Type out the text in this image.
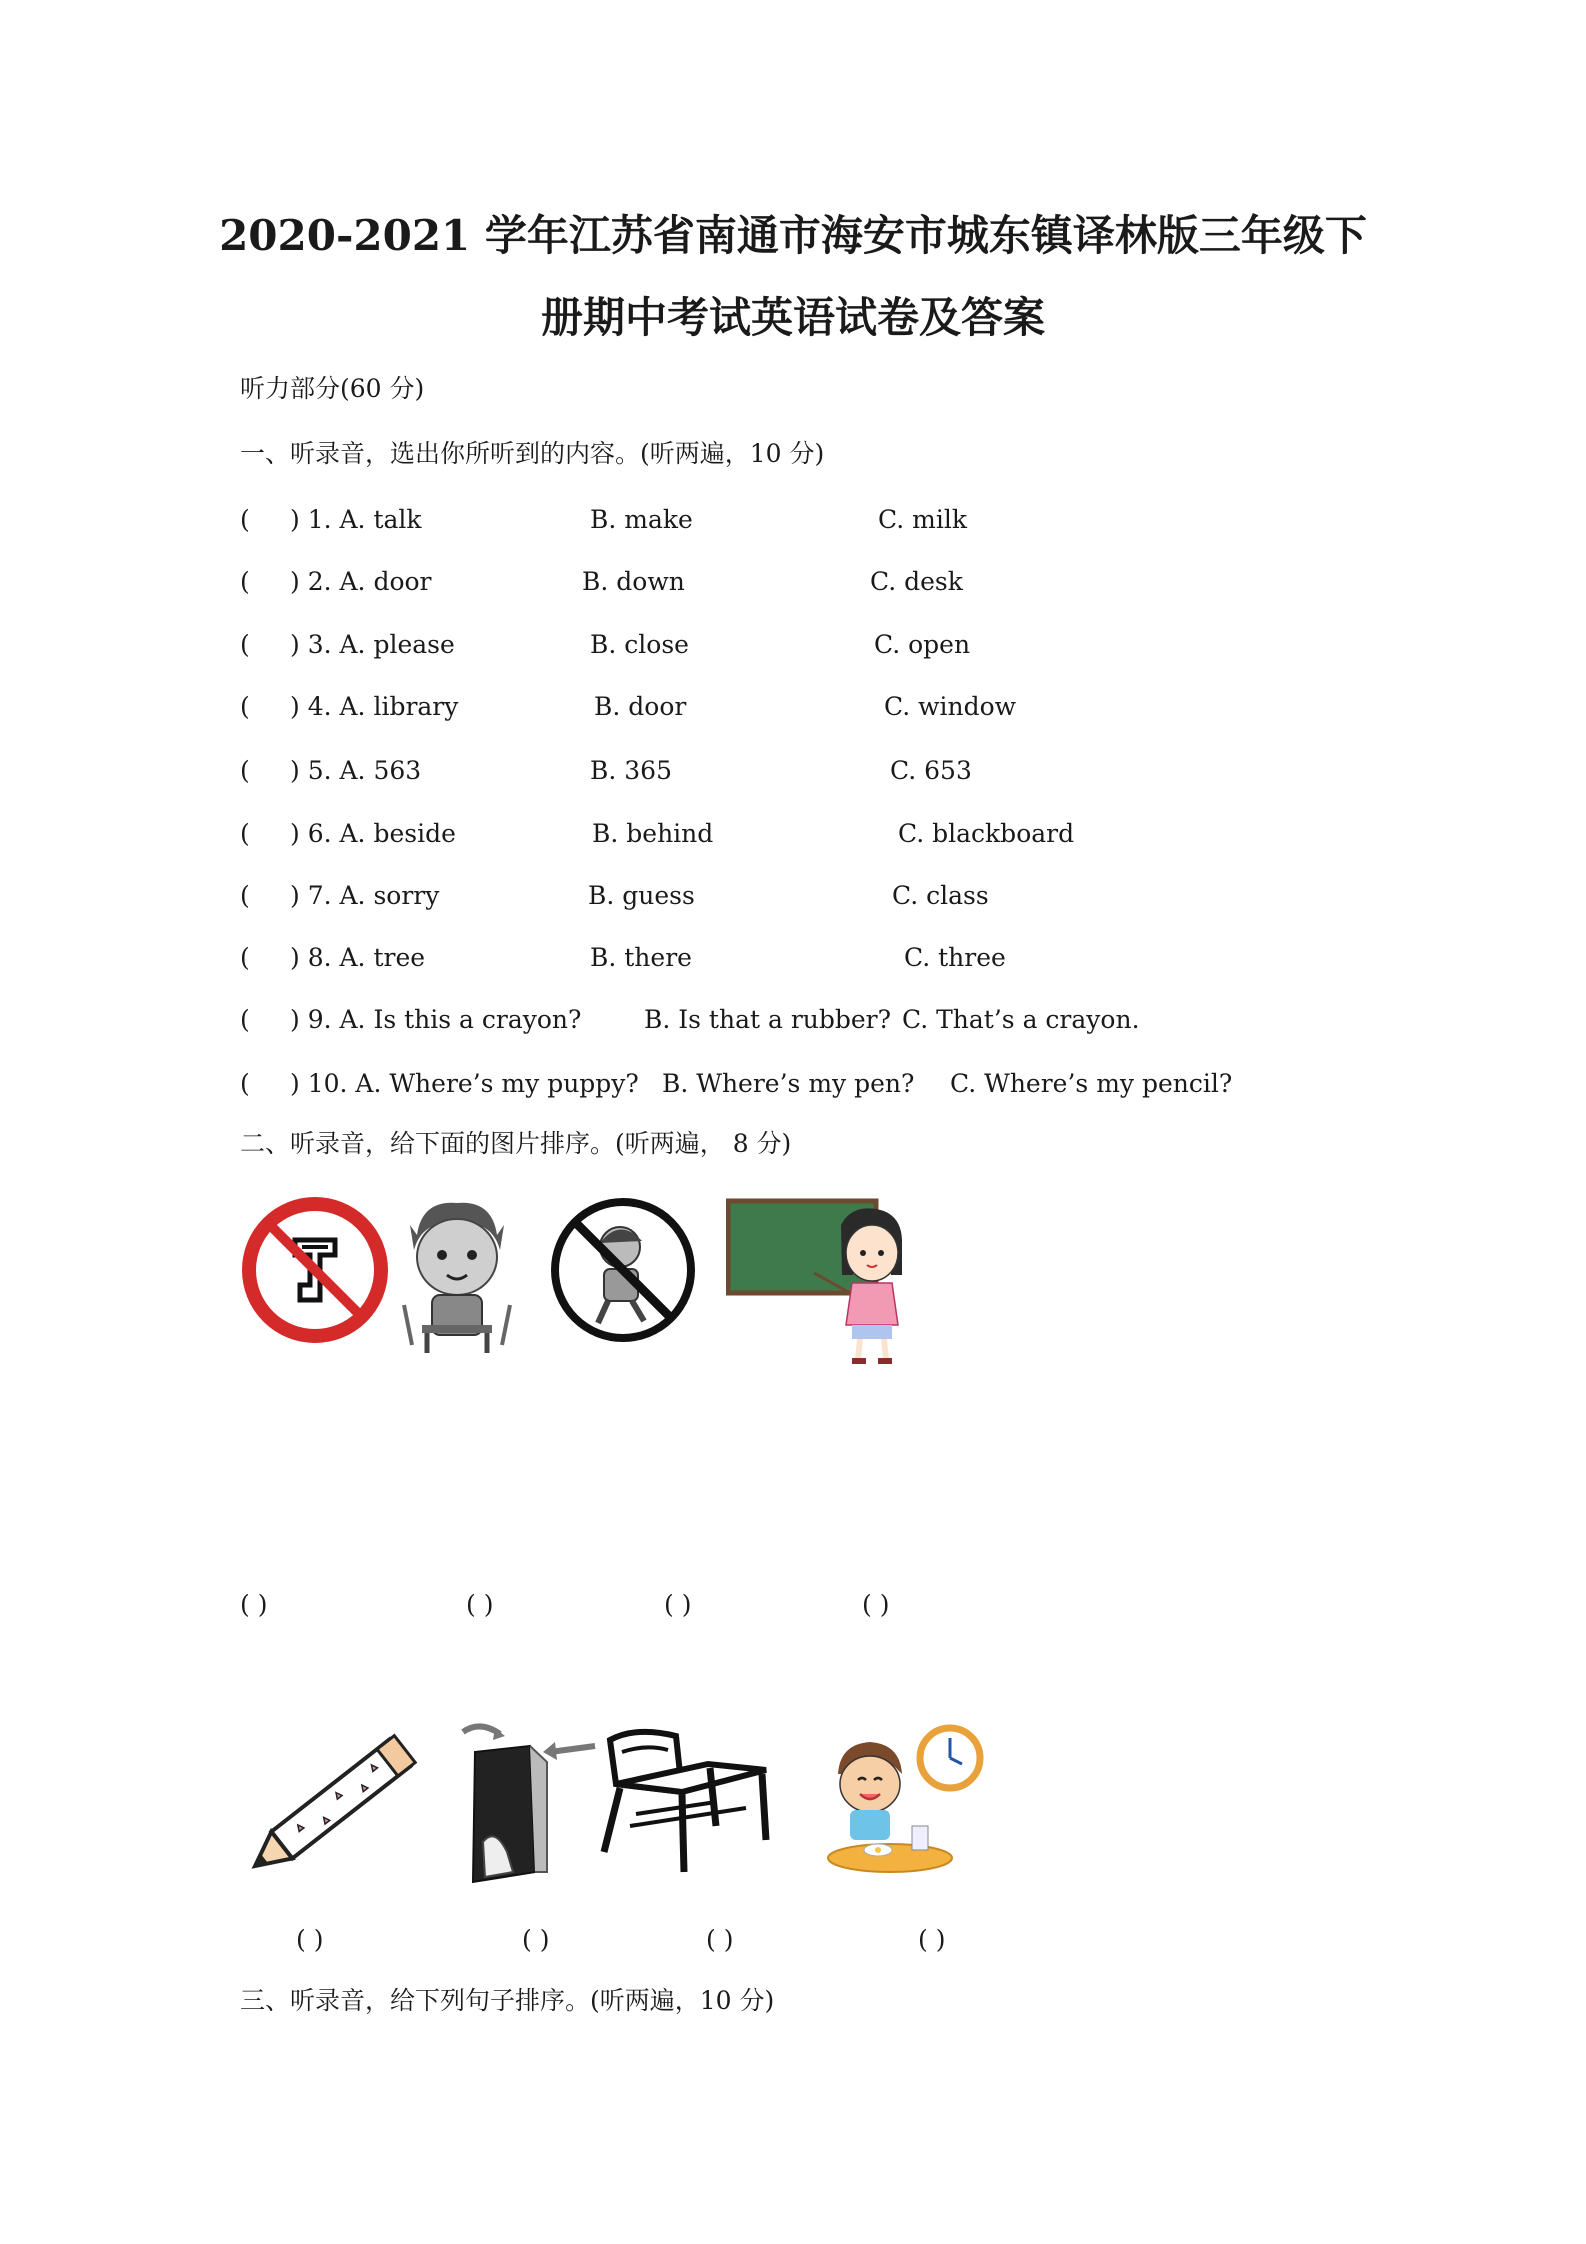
2020-2021 学年江苏省南通市海安市城东镇译林版三年级下
册期中考试英语试卷及答案
听力部分(60 分)
一、听录音，选出你所听到的内容。(听两遍，10 分)
( ) 1. A. talk	B. make	C. milk
( ) 2. A. door	B. down	C. desk
( ) 3. A. please	B. close	C. open
( ) 4. A. library	B. door	C. window
( ) 5. A. 563	B. 365	C. 653
( ) 6. A. beside	B. behind	C. blackboard
( ) 7. A. sorry	B. guess	C. class
( ) 8. A. tree	B. there	C. three
( ) 9. A. Is this a crayon?	B. Is that a rubber? C. That’s a crayon.
( ) 10. A. Where’s my puppy? B. Where’s my pen? C. Where’s my pencil?
二、听录音，给下面的图片排序。(听两遍， 8 分)
( )	( )	( )	( )
( )	( )	( )	( )
三、听录音，给下列句子排序。(听两遍，10 分)
